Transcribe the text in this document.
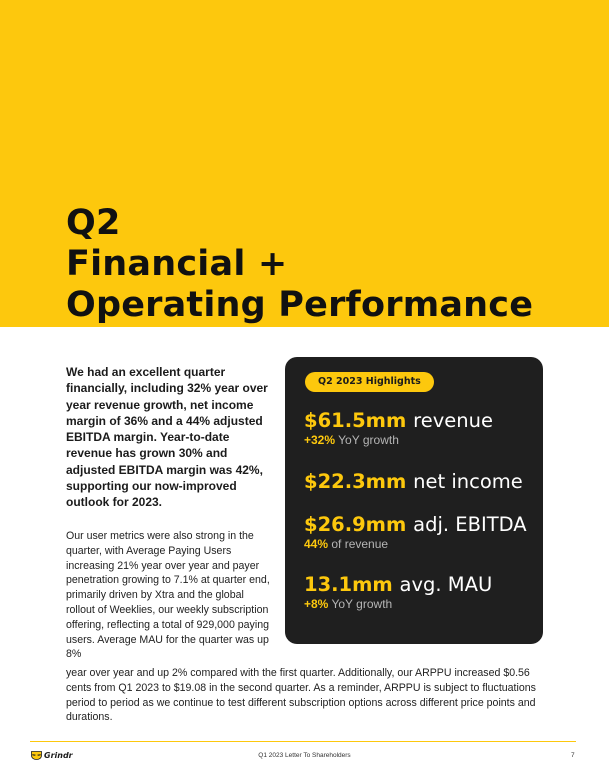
Q2
Financial +
Operating Performance

We had an excellent quarter financially, including 32% year over year revenue growth, net income margin of 36% and a 44% adjusted EBITDA margin. Year-to-date revenue has grown 30% and adjusted EBITDA margin was 42%, supporting our now-improved outlook for 2023.

Our user metrics were also strong in the quarter, with Average Paying Users increasing 21% year over year and payer penetration growing to 7.1% at quarter end, primarily driven by Xtra and the global rollout of Weeklies, our weekly subscription offering, reflecting a total of 929,000 paying users. Average MAU for the quarter was up 8%

year over year and up 2% compared with the first quarter. Additionally, our ARPPU increased $0.56 cents from Q1 2023 to $19.08 in the second quarter. As a reminder, ARPPU is subject to fluctuations period to period as we continue to test different subscription options across different price points and durations.

Q2 2023 Highlights
$61.5mm revenue
+32% YoY growth
$22.3mm net income
$26.9mm adj. EBITDA
44% of revenue
13.1mm avg. MAU
+8% YoY growth
Grindr	Q1 2023 Letter To Shareholders	7
